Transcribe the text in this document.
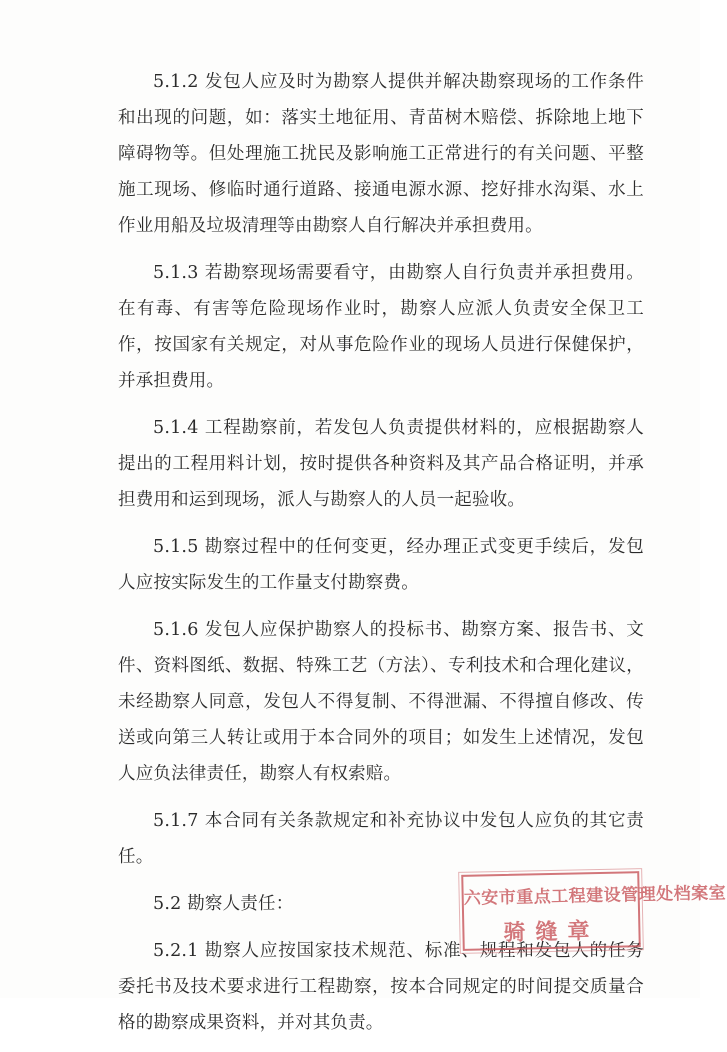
5.1.2 发包人应及时为勘察人提供并解决勘察现场的工作条件和出现的问题，如：落实土地征用、青苗树木赔偿、拆除地上地下障碍物等。但处理施工扰民及影响施工正常进行的有关问题、平整施工现场、修临时通行道路、接通电源水源、挖好排水沟渠、水上作业用船及垃圾清理等由勘察人自行解决并承担费用。

5.1.3 若勘察现场需要看守，由勘察人自行负责并承担费用。在有毒、有害等危险现场作业时，勘察人应派人负责安全保卫工作，按国家有关规定，对从事危险作业的现场人员进行保健保护，并承担费用。

5.1.4 工程勘察前，若发包人负责提供材料的，应根据勘察人提出的工程用料计划，按时提供各种资料及其产品合格证明，并承担费用和运到现场，派人与勘察人的人员一起验收。

5.1.5 勘察过程中的任何变更，经办理正式变更手续后，发包人应按实际发生的工作量支付勘察费。

5.1.6 发包人应保护勘察人的投标书、勘察方案、报告书、文件、资料图纸、数据、特殊工艺（方法）、专利技术和合理化建议，未经勘察人同意，发包人不得复制、不得泄漏、不得擅自修改、传送或向第三人转让或用于本合同外的项目；如发生上述情况，发包人应负法律责任，勘察人有权索赔。

5.1.7 本合同有关条款规定和补充协议中发包人应负的其它责任。

5.2 勘察人责任：

5.2.1 勘察人应按国家技术规范、标准、规程和发包人的任务委托书及技术要求进行工程勘察，按本合同规定的时间提交质量合格的勘察成果资料，并对其负责。

六安市重点工程建设管理处档案室
骑缝章
